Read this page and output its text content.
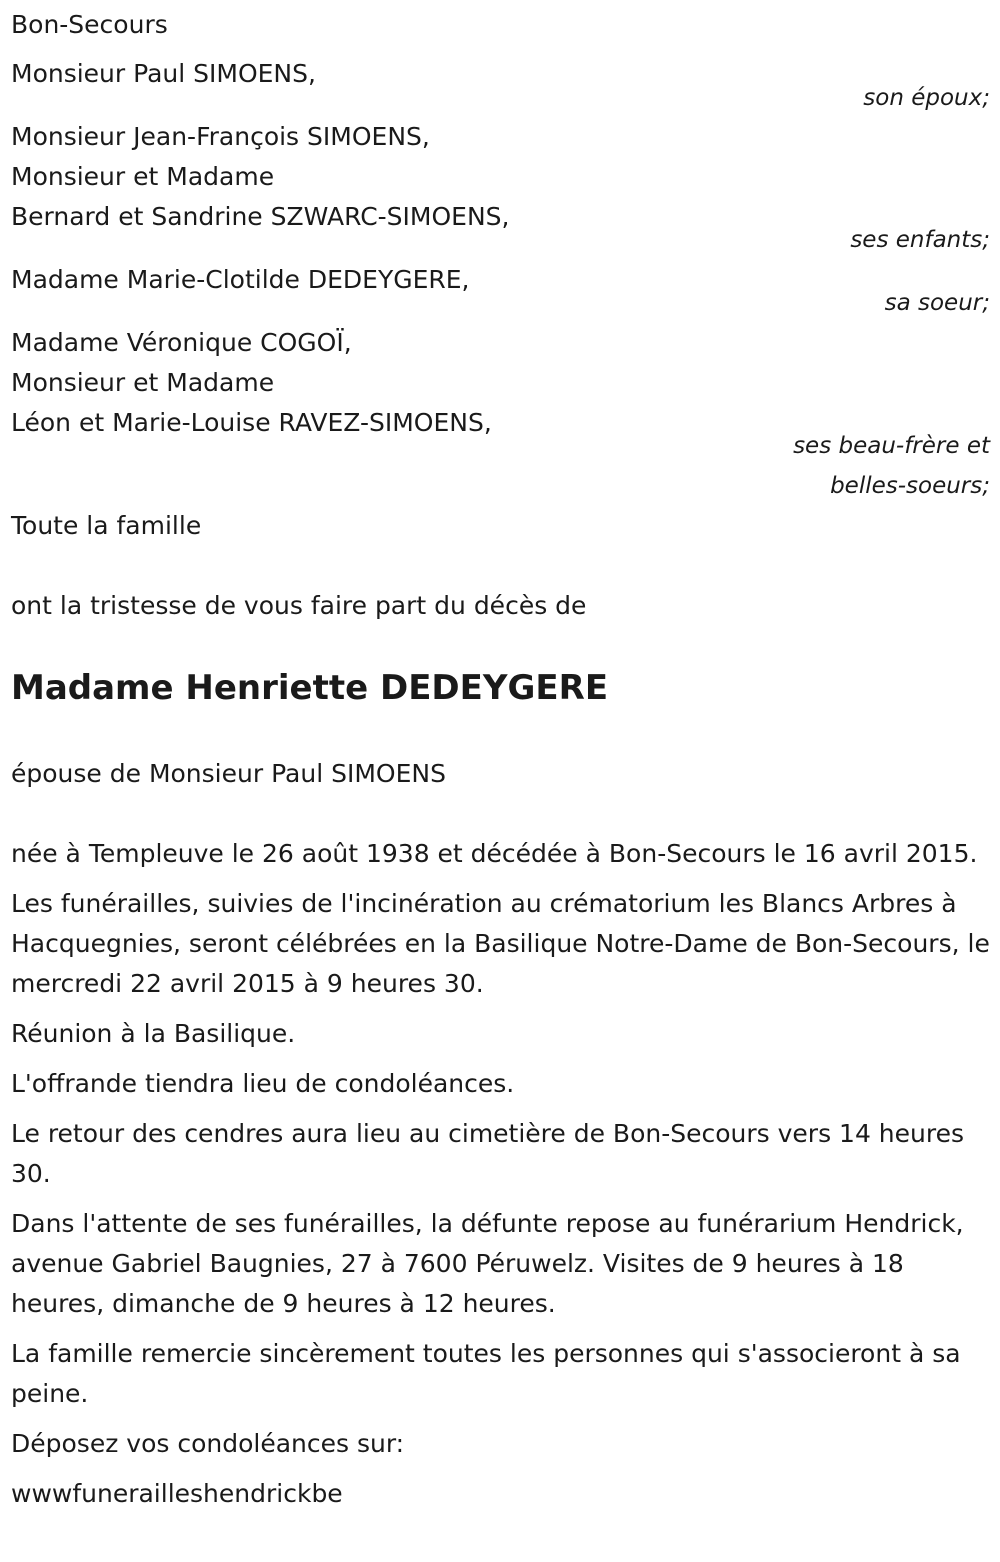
Bon-Secours
Monsieur Paul SIMOENS,
son époux;
Monsieur Jean-François SIMOENS,
Monsieur et Madame
Bernard et Sandrine SZWARC-SIMOENS,
ses enfants;
Madame Marie-Clotilde DEDEYGERE,
sa soeur;
Madame Véronique COGOÏ,
Monsieur et Madame
Léon et Marie-Louise RAVEZ-SIMOENS,
ses beau-frère et
belles-soeurs;
Toute la famille
ont la tristesse de vous faire part du décès de
Madame Henriette DEDEYGERE
épouse de Monsieur Paul SIMOENS

née à Templeuve le 26 août 1938 et décédée à Bon-Secours le 16 avril 2015.

Les funérailles, suivies de l'incinération au crématorium les Blancs Arbres à Hacquegnies, seront célébrées en la Basilique Notre-Dame de Bon-Secours, le mercredi 22 avril 2015 à 9 heures 30.

Réunion à la Basilique.

L'offrande tiendra lieu de condoléances.

Le retour des cendres aura lieu au cimetière de Bon-Secours vers 14 heures 30.

Dans l'attente de ses funérailles, la défunte repose au funérarium Hendrick, avenue Gabriel Baugnies, 27 à 7600 Péruwelz. Visites de 9 heures à 18 heures, dimanche de 9 heures à 12 heures.

La famille remercie sincèrement toutes les personnes qui s'associeront à sa peine.

Déposez vos condoléances sur:

wwwfunerailleshendrickbe
